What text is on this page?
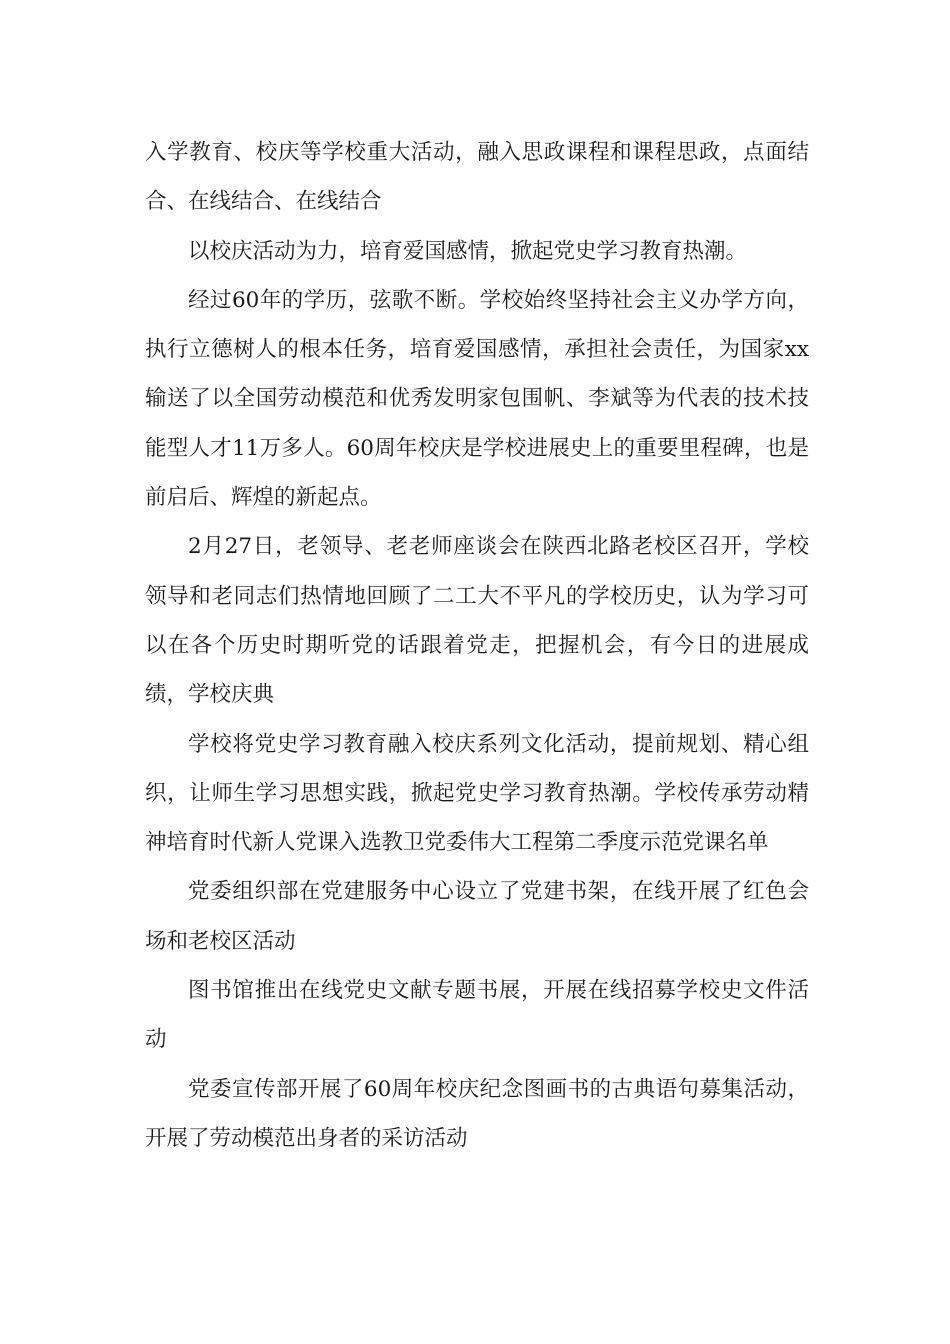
入学教育、校庆等学校重大活动，融入思政课程和课程思政，点面结合、在线结合、在线结合

以校庆活动为力，培育爱国感情，掀起党史学习教育热潮。

经过60年的学历，弦歌不断。学校始终坚持社会主义办学方向，执行立德树人的根本任务，培育爱国感情，承担社会责任，为国家xx输送了以全国劳动模范和优秀发明家包围帆、李斌等为代表的技术技能型人才11万多人。60周年校庆是学校进展史上的重要里程碑，也是前启后、辉煌的新起点。

2月27日，老领导、老老师座谈会在陕西北路老校区召开，学校领导和老同志们热情地回顾了二工大不平凡的学校历史，认为学习可以在各个历史时期听党的话跟着党走，把握机会，有今日的进展成绩，学校庆典

学校将党史学习教育融入校庆系列文化活动，提前规划、精心组织，让师生学习思想实践，掀起党史学习教育热潮。学校传承劳动精神培育时代新人党课入选教卫党委伟大工程第二季度示范党课名单

党委组织部在党建服务中心设立了党建书架，在线开展了红色会场和老校区活动

图书馆推出在线党史文献专题书展，开展在线招募学校史文件活动

党委宣传部开展了60周年校庆纪念图画书的古典语句募集活动，开展了劳动模范出身者的采访活动
